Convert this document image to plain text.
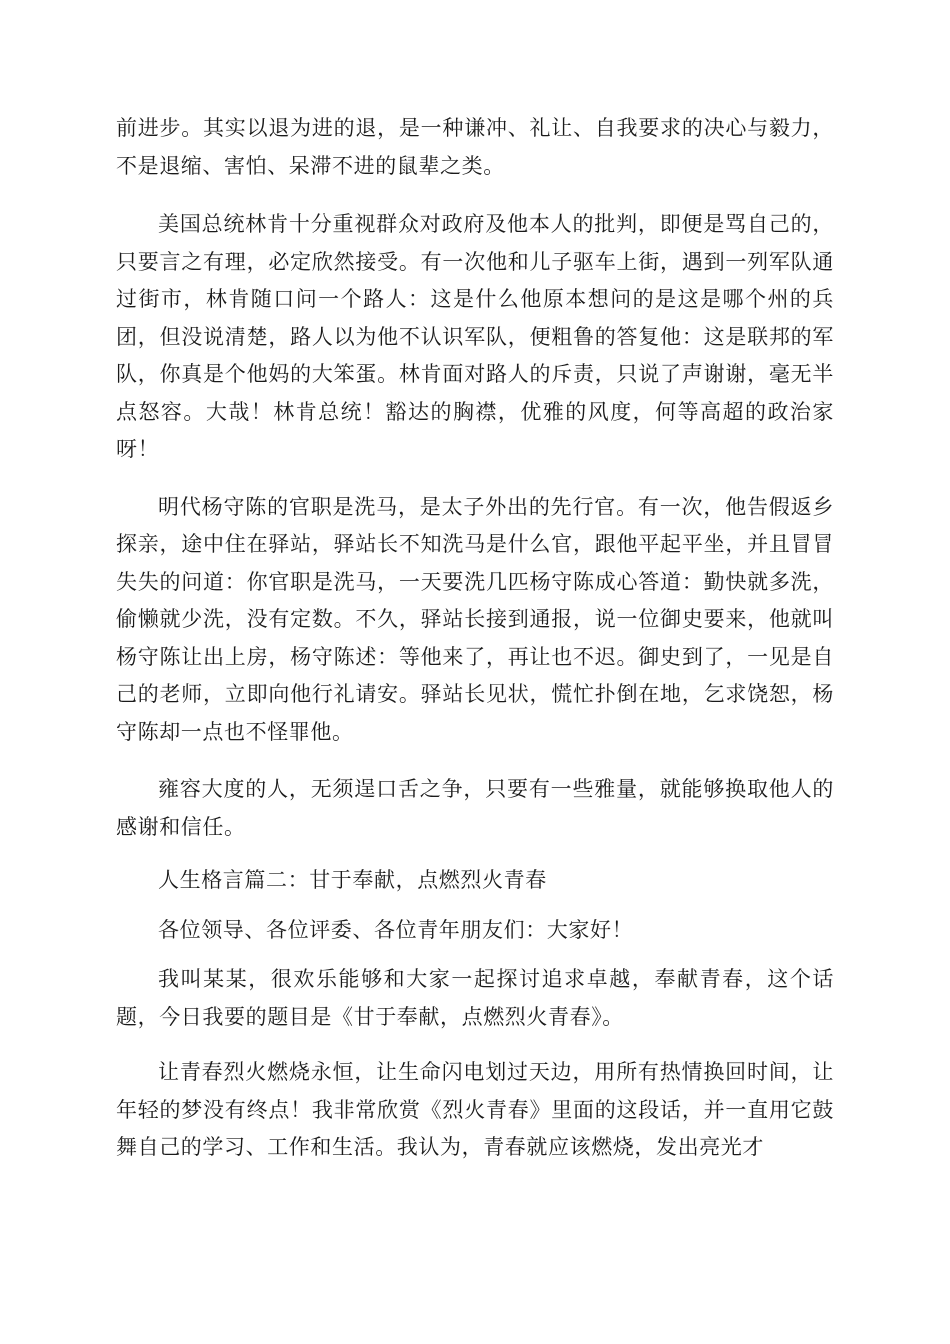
前进步。其实以退为进的退，是一种谦冲、礼让、自我要求的决心与毅力，不是退缩、害怕、呆滞不进的鼠辈之类。

美国总统林肯十分重视群众对政府及他本人的批判，即便是骂自己的，只要言之有理，必定欣然接受。有一次他和儿子驱车上街，遇到一列军队通过街市，林肯随口问一个路人：这是什么他原本想问的是这是哪个州的兵团，但没说清楚，路人以为他不认识军队，便粗鲁的答复他：这是联邦的军队，你真是个他妈的大笨蛋。林肯面对路人的斥责，只说了声谢谢，毫无半点怒容。大哉！林肯总统！豁达的胸襟，优雅的风度，何等高超的政治家呀！

明代杨守陈的官职是洗马，是太子外出的先行官。有一次，他告假返乡探亲，途中住在驿站，驿站长不知洗马是什么官，跟他平起平坐，并且冒冒失失的问道：你官职是洗马，一天要洗几匹杨守陈成心答道：勤快就多洗，偷懒就少洗，没有定数。不久，驿站长接到通报，说一位御史要来，他就叫杨守陈让出上房，杨守陈述：等他来了，再让也不迟。御史到了，一见是自己的老师，立即向他行礼请安。驿站长见状，慌忙扑倒在地，乞求饶恕，杨守陈却一点也不怪罪他。

雍容大度的人，无须逞口舌之争，只要有一些雅量，就能够换取他人的感谢和信任。

人生格言篇二：甘于奉献，点燃烈火青春

各位领导、各位评委、各位青年朋友们：大家好！

我叫某某，很欢乐能够和大家一起探讨追求卓越，奉献青春，这个话题，今日我要的题目是《甘于奉献，点燃烈火青春》。

让青春烈火燃烧永恒，让生命闪电划过天边，用所有热情换回时间，让年轻的梦没有终点！我非常欣赏《烈火青春》里面的这段话，并一直用它鼓舞自己的学习、工作和生活。我认为，青春就应该燃烧，发出亮光才
